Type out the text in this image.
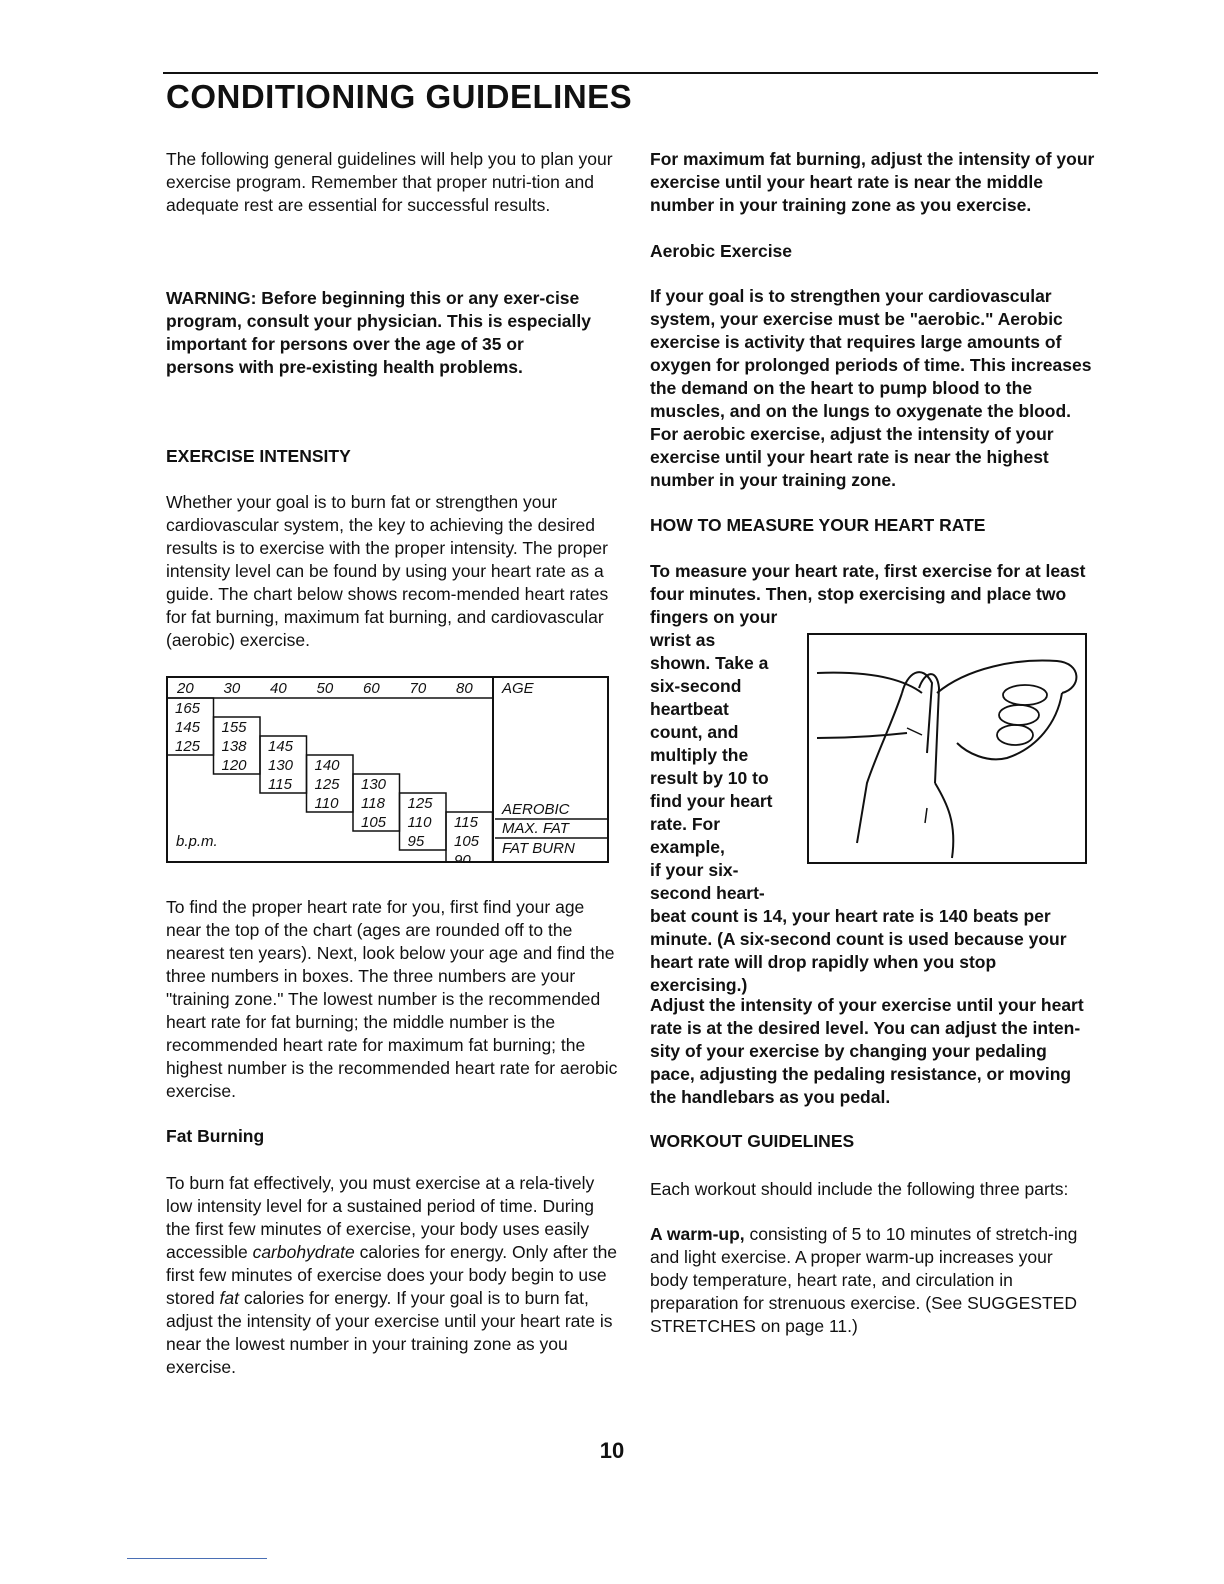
CONDITIONING GUIDELINES

The following general guidelines will help you to plan your exercise program. Remember that proper nutri-tion and adequate rest are essential for successful results.

WARNING: Before beginning this or any exer-cise program, consult your physician. This is especially important for persons over the age of 35 or persons with pre-existing health problems.

EXERCISE INTENSITY

Whether your goal is to burn fat or strengthen your cardiovascular system, the key to achieving the desired results is to exercise with the proper intensity. The proper intensity level can be found by using your heart rate as a guide. The chart below shows recom-mended heart rates for fat burning, maximum fat burning, and cardiovascular (aerobic) exercise.

20
165
145
125
30
155
138
120
40
145
130
115
50
140
125
110
60
130
118
105
70
125
110
95
80
115
105
90
b.p.m.
AGE
AEROBIC
MAX. FAT
FAT BURN

To find the proper heart rate for you, first find your age near the top of the chart (ages are rounded off to the nearest ten years). Next, look below your age and find the three numbers in boxes. The three numbers are your "training zone." The lowest number is the recommended heart rate for fat burning; the middle number is the recommended heart rate for maximum fat burning; the highest number is the recommended heart rate for aerobic exercise.

Fat Burning

To burn fat effectively, you must exercise at a rela-tively low intensity level for a sustained period of time. During the first few minutes of exercise, your body uses easily accessible carbohydrate calories for energy. Only after the first few minutes of exercise does your body begin to use stored fat calories for energy. If your goal is to burn fat, adjust the intensity of your exercise until your heart rate is near the lowest number in your training zone as you exercise.

For maximum fat burning, adjust the intensity of your exercise until your heart rate is near the middle number in your training zone as you exercise.

Aerobic Exercise

If your goal is to strengthen your cardiovascular system, your exercise must be "aerobic." Aerobic exercise is activity that requires large amounts of oxygen for prolonged periods of time. This increases the demand on the heart to pump blood to the muscles, and on the lungs to oxygenate the blood. For aerobic exercise, adjust the intensity of your exercise until your heart rate is near the highest number in your training zone.

HOW TO MEASURE YOUR HEART RATE

To measure your heart rate, first exercise for at least four minutes. Then, stop exercising and place two

fingers on your

wrist as

shown. Take a

six-second

heartbeat

count, and

multiply the

result by 10 to

find your heart

rate. For

example,

if your six-

second heart-

beat count is 14, your heart rate is 140 beats per minute. (A six-second count is used because your heart rate will drop rapidly when you stop exercising.)

Adjust the intensity of your exercise until your heart rate is at the desired level. You can adjust the inten-sity of your exercise by changing your pedaling pace, adjusting the pedaling resistance, or moving the handlebars as you pedal.

WORKOUT GUIDELINES

Each workout should include the following three parts:

A warm-up, consisting of 5 to 10 minutes of stretch-ing and light exercise. A proper warm-up increases your body temperature, heart rate, and circulation in preparation for strenuous exercise. (See SUGGESTED STRETCHES on page 11.)

10
